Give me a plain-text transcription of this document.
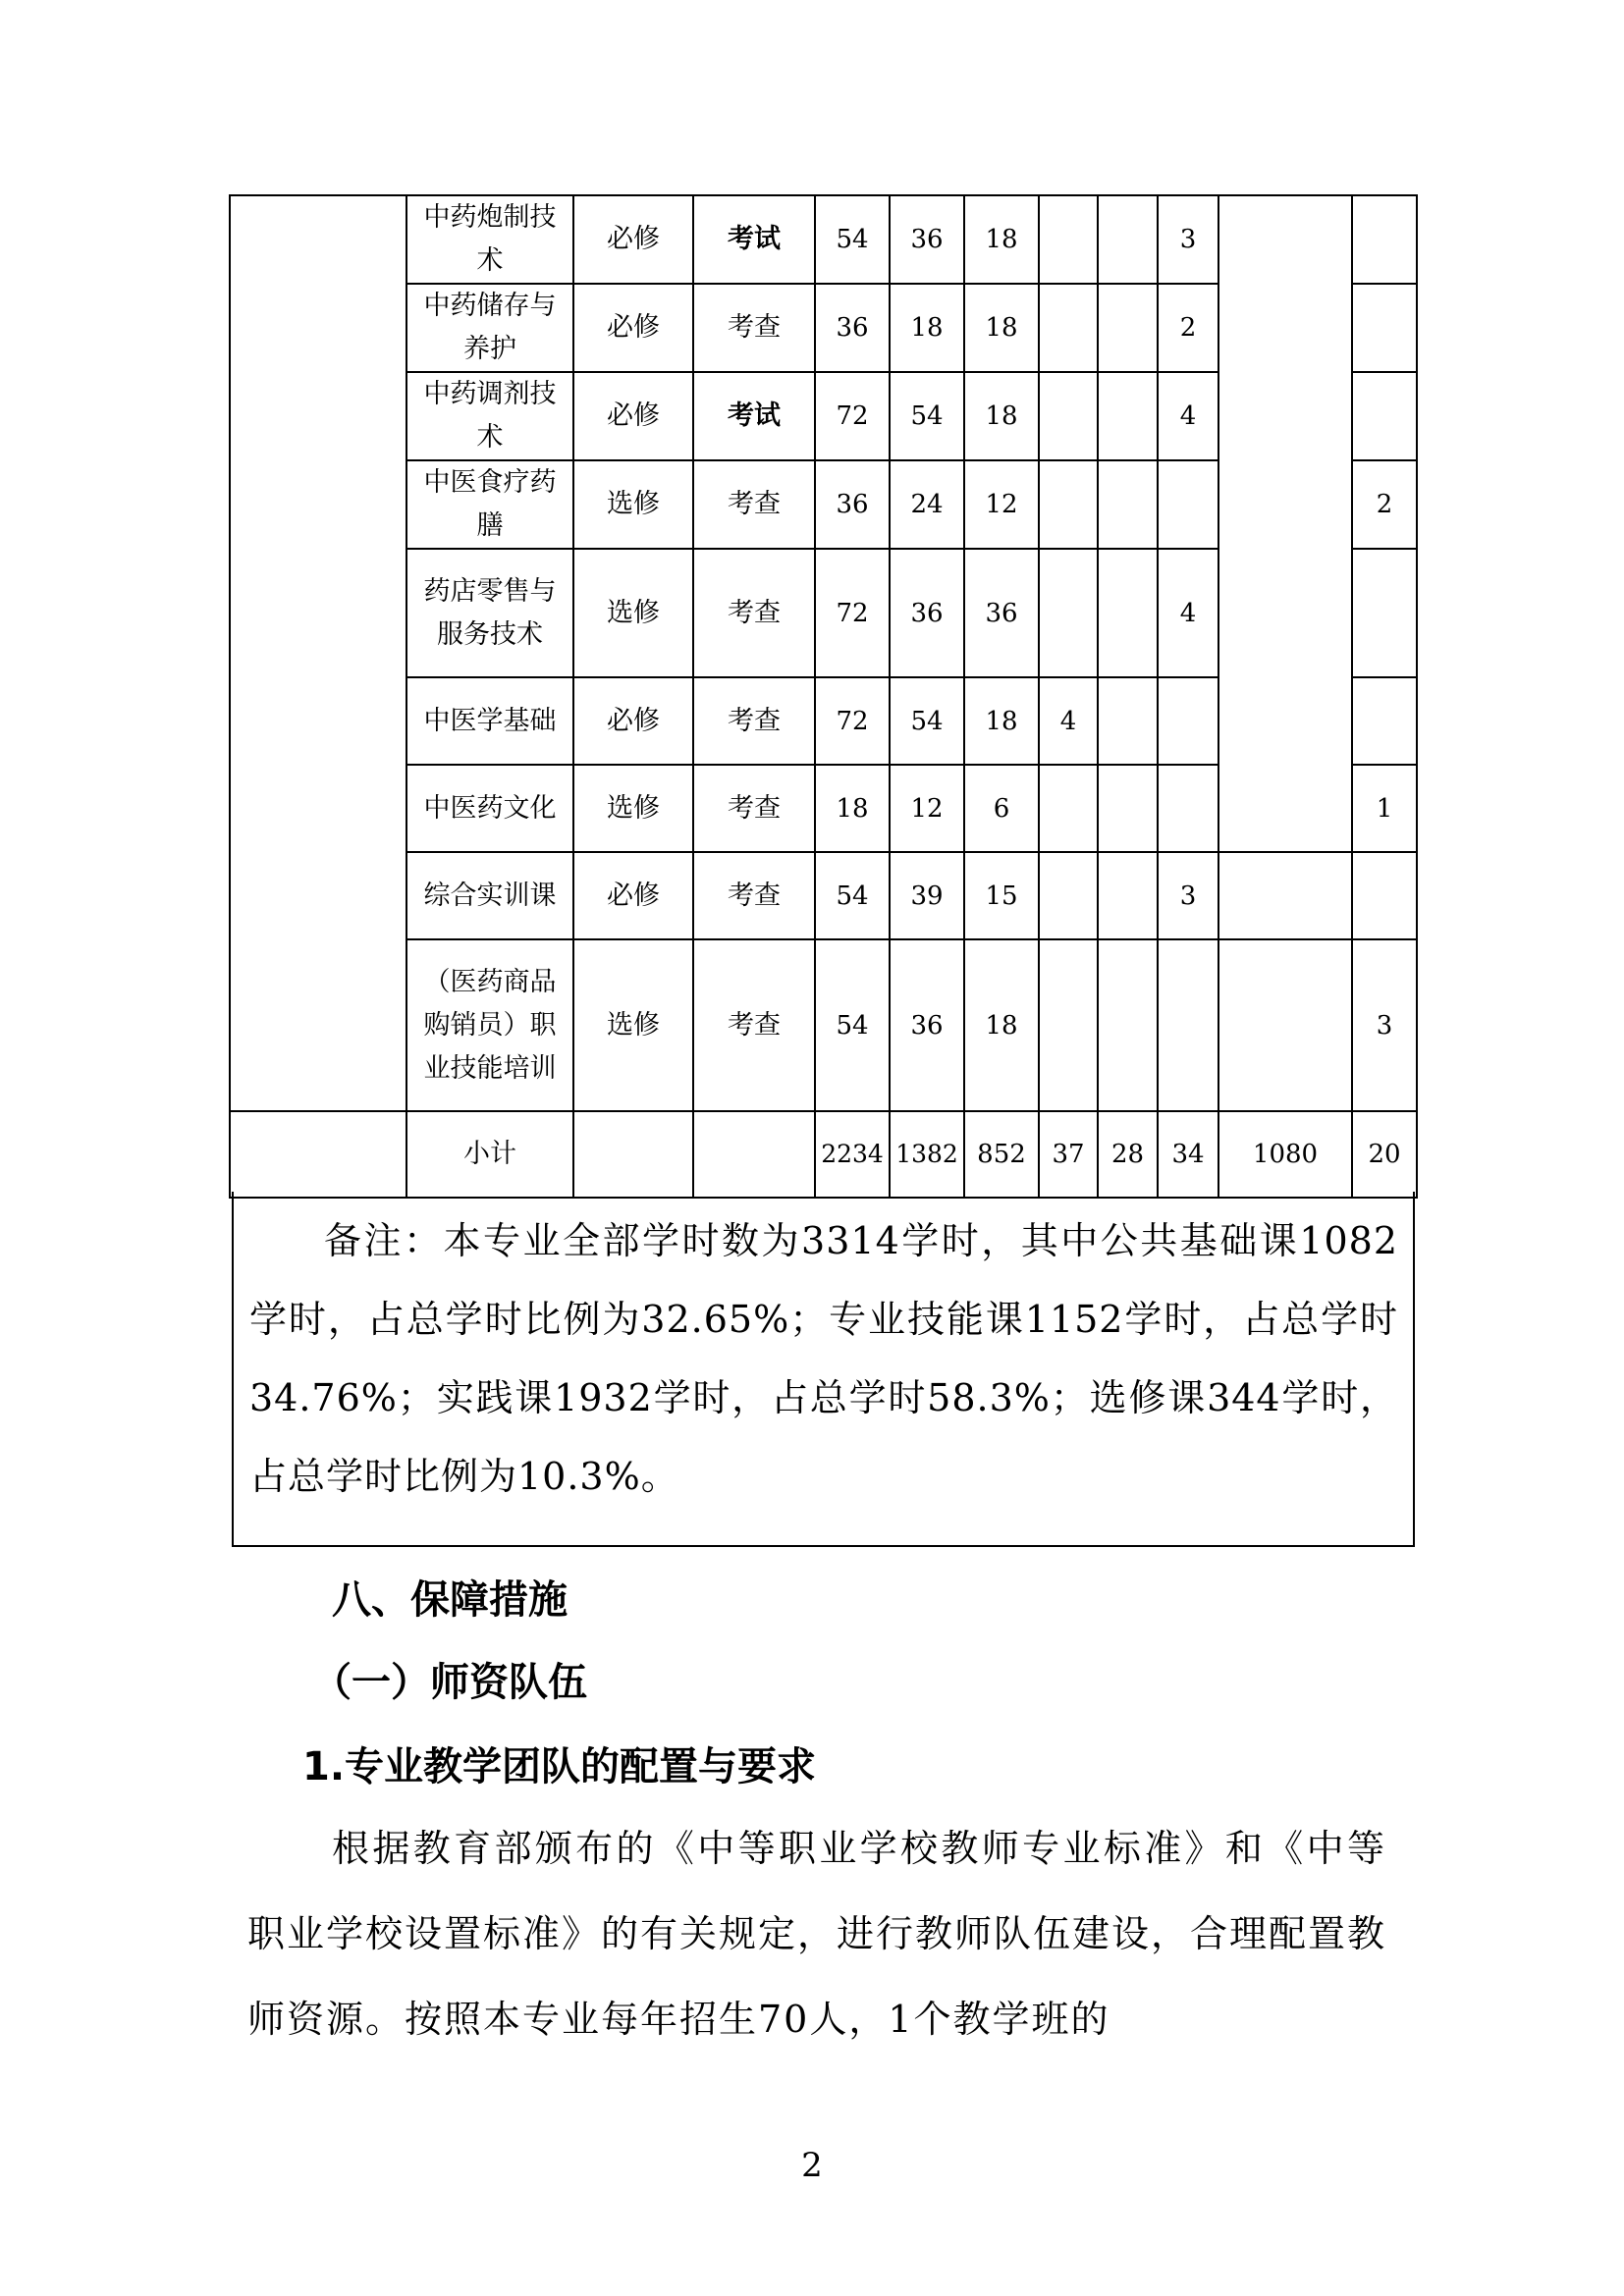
	中药炮制技术	必修	考试	54	36	18			3		
	中药储存与养护	必修	考查	36	18	18			2		
	中药调剂技术	必修	考试	72	54	18			4		
	中医食疗药膳	选修	考查	36	24	12					2
	药店零售与服务技术	选修	考查	72	36	36			4		
	中医学基础	必修	考查	72	54	18	4				
	中医药文化	选修	考查	18	12	6					1
	综合实训课	必修	考查	54	39	15			3		
	（医药商品购销员）职业技能培训	选修	考查	54	36	18					3
	小计			2234	1382	852	37	28	34	1080	20

备注：本专业全部学时数为3314学时，其中公共基础课1082学时，占总学时比例为32.65%；专业技能课1152学时，占总学时34.76%；实践课1932学时，占总学时58.3%；选修课344学时，占总学时比例为10.3%。

八、保障措施
（一）师资队伍
1.专业教学团队的配置与要求

根据教育部颁布的《中等职业学校教师专业标准》和《中等职业学校设置标准》的有关规定，进行教师队伍建设，合理配置教师资源。按照本专业每年招生70人，1个教学班的

2
